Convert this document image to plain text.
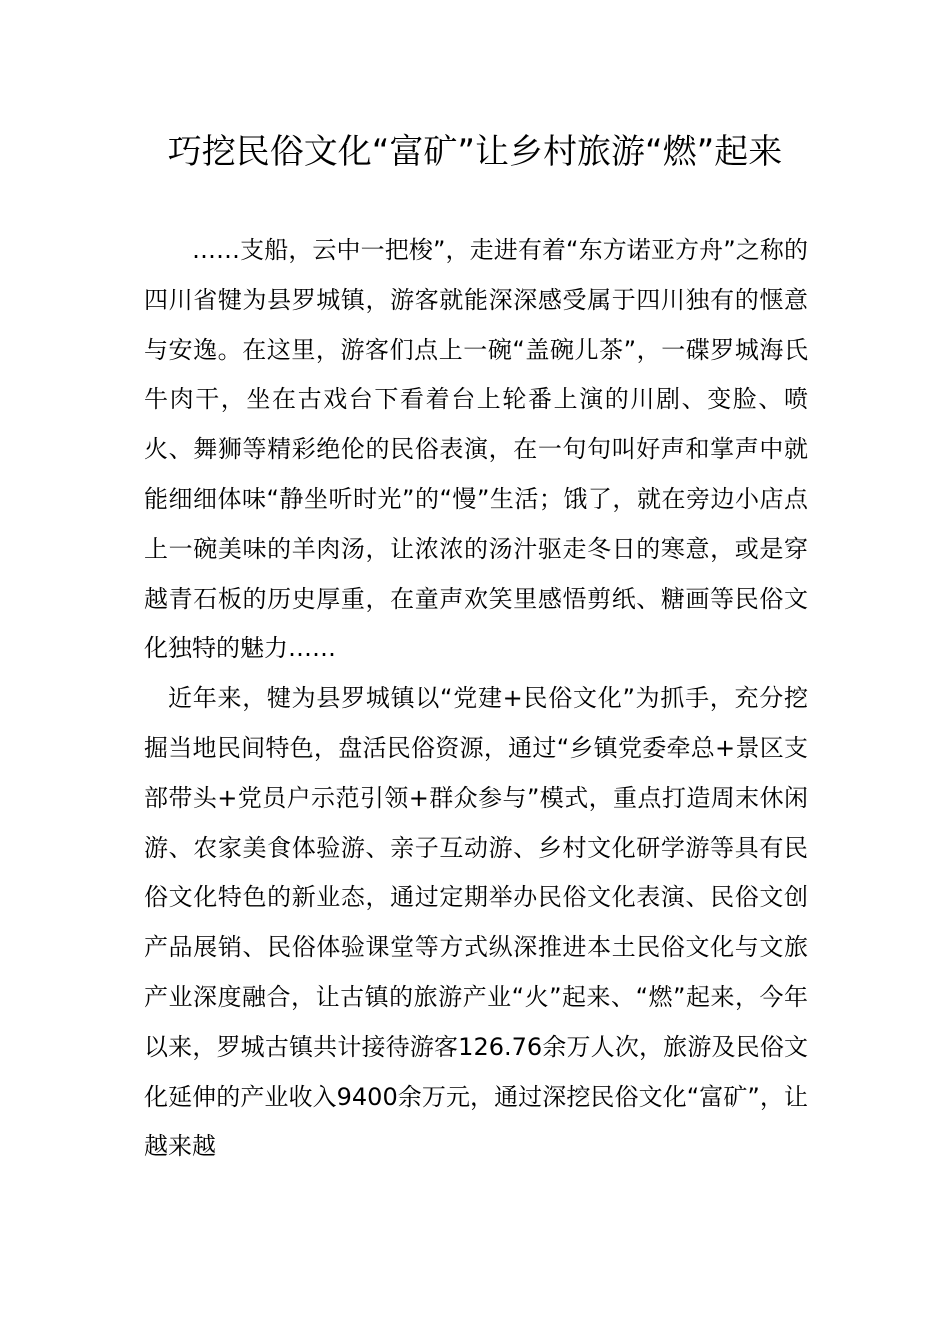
巧挖民俗文化“富矿”让乡村旅游“燃”起来

……支船，云中一把梭”，走进有着“东方诺亚方舟”之称的四川省犍为县罗城镇，游客就能深深感受属于四川独有的惬意与安逸。在这里，游客们点上一碗“盖碗儿茶”，一碟罗城海氏牛肉干，坐在古戏台下看着台上轮番上演的川剧、变脸、喷火、舞狮等精彩绝伦的民俗表演，在一句句叫好声和掌声中就能细细体味“静坐听时光”的“慢”生活；饿了，就在旁边小店点上一碗美味的羊肉汤，让浓浓的汤汁驱走冬日的寒意，或是穿越青石板的历史厚重，在童声欢笑里感悟剪纸、糖画等民俗文化独特的魅力……

近年来，犍为县罗城镇以“党建+民俗文化”为抓手，充分挖掘当地民间特色，盘活民俗资源，通过“乡镇党委牵总+景区支部带头+党员户示范引领+群众参与”模式，重点打造周末休闲游、农家美食体验游、亲子互动游、乡村文化研学游等具有民俗文化特色的新业态，通过定期举办民俗文化表演、民俗文创产品展销、民俗体验课堂等方式纵深推进本土民俗文化与文旅产业深度融合，让古镇的旅游产业“火”起来、“燃”起来，今年以来，罗城古镇共计接待游客126.76余万人次，旅游及民俗文化延伸的产业收入9400余万元，通过深挖民俗文化“富矿”，让越来越
